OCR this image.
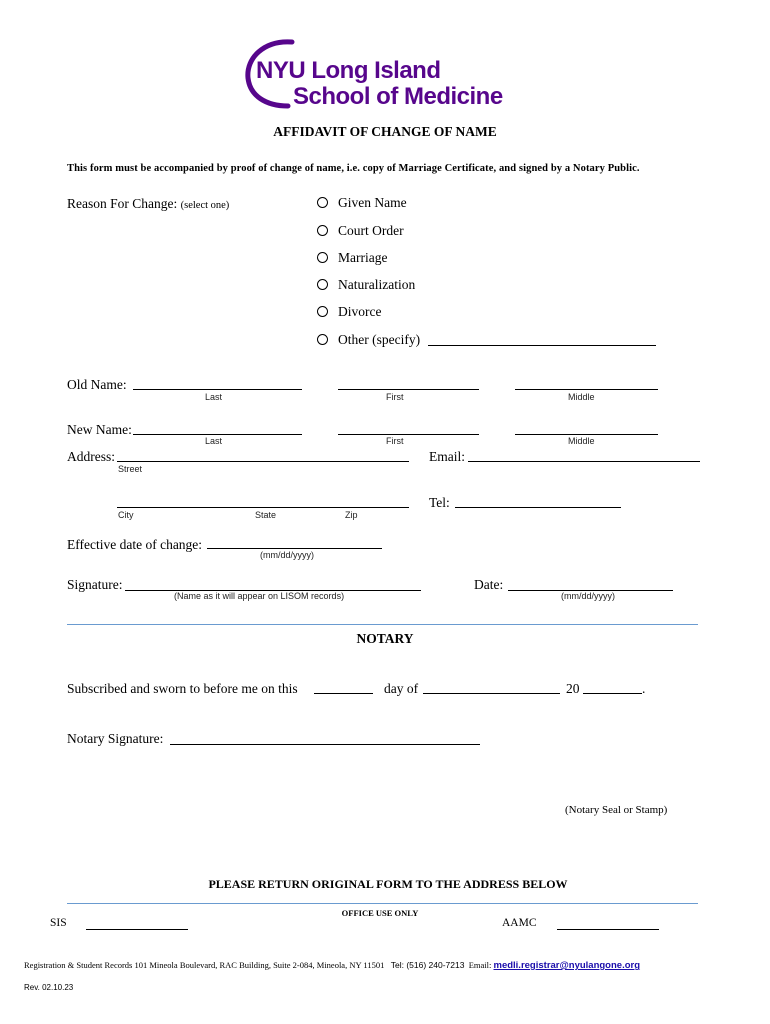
NYU Long Island
School of Medicine
AFFIDAVIT OF CHANGE OF NAME
This form must be accompanied by proof of change of name, i.e. copy of Marriage Certificate, and signed by a Notary Public.
Reason For Change: (select one)	Given Name
Court Order
Marriage
Naturalization
Divorce
Other (specify)
Old Name:
Last	First	Middle
New Name:
Last	First	Middle
Address:
Street
Email:
City	State	Zip
Tel:
Effective date of change:
(mm/dd/yyyy)
Signature:
(Name as it will appear on LISOM records)
Date:
(mm/dd/yyyy)
NOTARY
Subscribed and sworn to before me on this	day of	20	.
Notary Signature:
(Notary Seal or Stamp)
PLEASE RETURN ORIGINAL FORM TO THE ADDRESS BELOW
OFFICE USE ONLY
SIS	AAMC
Registration & Student Records 101 Mineola Boulevard, RAC Building, Suite 2-084, Mineola, NY 11501 Tel: (516) 240-7213 Email: medli.registrar@nyulangone.org
Rev. 02.10.23
